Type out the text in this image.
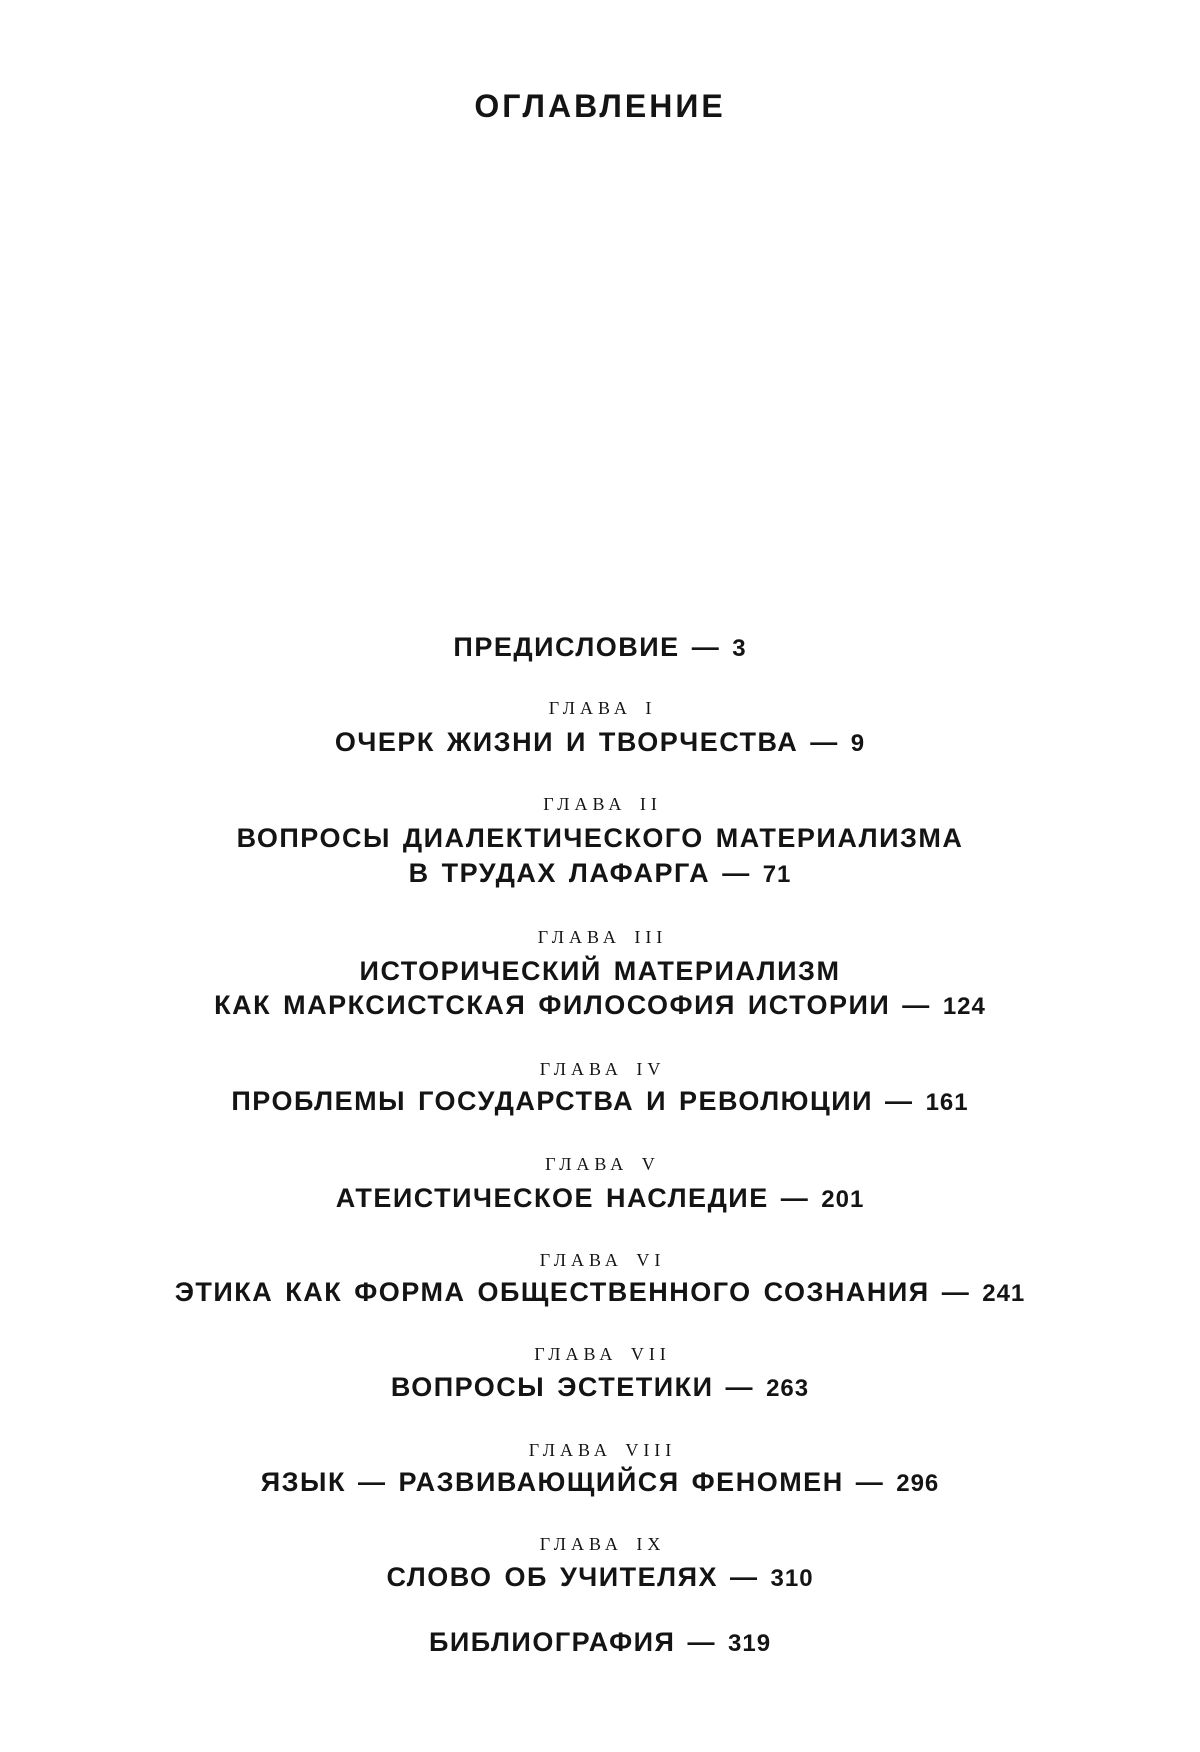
ОГЛАВЛЕНИЕ
ПРЕДИСЛОВИЕ — 3
ГЛАВА I
ОЧЕРК ЖИЗНИ И ТВОРЧЕСТВА — 9
ГЛАВА II
ВОПРОСЫ ДИАЛЕКТИЧЕСКОГО МАТЕРИАЛИЗМА
В ТРУДАХ ЛАФАРГА — 71
ГЛАВА III
ИСТОРИЧЕСКИЙ МАТЕРИАЛИЗМ
КАК МАРКСИСТСКАЯ ФИЛОСОФИЯ ИСТОРИИ — 124
ГЛАВА IV
ПРОБЛЕМЫ ГОСУДАРСТВА И РЕВОЛЮЦИИ — 161
ГЛАВА V
АТЕИСТИЧЕСКОЕ НАСЛЕДИЕ — 201
ГЛАВА VI
ЭТИКА КАК ФОРМА ОБЩЕСТВЕННОГО СОЗНАНИЯ — 241
ГЛАВА VII
ВОПРОСЫ ЭСТЕТИКИ — 263
ГЛАВА VIII
ЯЗЫК — РАЗВИВАЮЩИЙСЯ ФЕНОМЕН — 296
ГЛАВА IX
СЛОВО ОБ УЧИТЕЛЯХ — 310
БИБЛИОГРАФИЯ — 319
